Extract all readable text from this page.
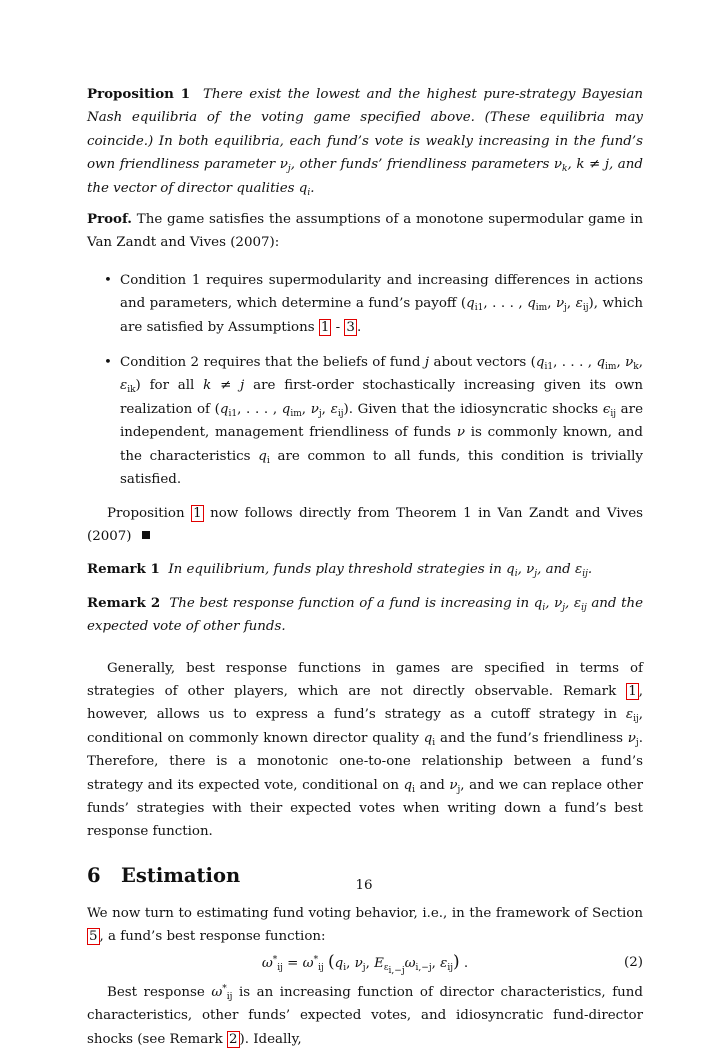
Proposition 1 There exist the lowest and the highest pure-strategy Bayesian Nash equilibria of the voting game specified above. (These equilibria may coincide.) In both equilibria, each fund’s vote is weakly increasing in the fund’s own friendliness parameter $\nu_j$, other funds’ friendliness parameters $\nu_k$, k ≠ j, and the vector of director qualities $q_i$.

Proof. The game satisfies the assumptions of a monotone supermodular game in Van Zandt and Vives (2007):

• Condition 1 requires supermodularity and increasing differences in actions and parameters, which determine a fund’s payoff ($q_{i1}$, . . . , $q_{im}$, $\nu_j$, $\varepsilon_{ij}$), which are satisfied by Assumptions 1 - 3 .
• Condition 2 requires that the beliefs of fund j about vectors ($q_{i1}$, . . . , $q_{im}$, $\nu_k$, $\varepsilon_{ik}$) for all k ≠ j are first-order stochastically increasing given its own realization of ($q_{i1}$, . . . , $q_{im}$, $\nu_j$, $\varepsilon_{ij}$). Given that the idiosyncratic shocks $\epsilon_{ij}$ are independent, management friendliness of funds ν is commonly known, and the characteristics $q_i$ are common to all funds, this condition is trivially satisfied.

Proposition 1 now follows directly from Theorem 1 in Van Zandt and Vives (2007)

Remark 1 In equilibrium, funds play threshold strategies in $q_i$, $\nu_j$, and $\varepsilon_{ij}$.

Remark 2 The best response function of a fund is increasing in $q_i$, $\nu_j$, $\varepsilon_{ij}$ and the expected vote of other funds.

Generally, best response functions in games are specified in terms of strategies of other players, which are not directly observable. Remark 1 , however, allows us to express a fund’s strategy as a cutoff strategy in $\varepsilon_{ij}$, conditional on commonly known director quality $q_i$ and the fund’s friendliness $\nu_j$. Therefore, there is a monotonic one-to-one relationship between a fund’s strategy and its expected vote, conditional on $q_i$ and $\nu_j$, and we can replace other funds’ strategies with their expected votes when writing down a fund’s best response function.

6 Estimation

We now turn to estimating fund voting behavior, i.e., in the framework of Section 5 , a fund’s best response function:

$\omega^*_{ij} = \omega^*_{ij}$ ($q_i$, $\nu_j$, $E_{\varepsilon_{i,-j}}\omega_{i,-j}$, $\varepsilon_{ij}$) .	(2)

Best response $\omega^*_{ij}$ is an increasing function of director characteristics, fund characteristics, other funds’ expected votes, and idiosyncratic fund-director shocks (see Remark 2 ). Ideally,

16
